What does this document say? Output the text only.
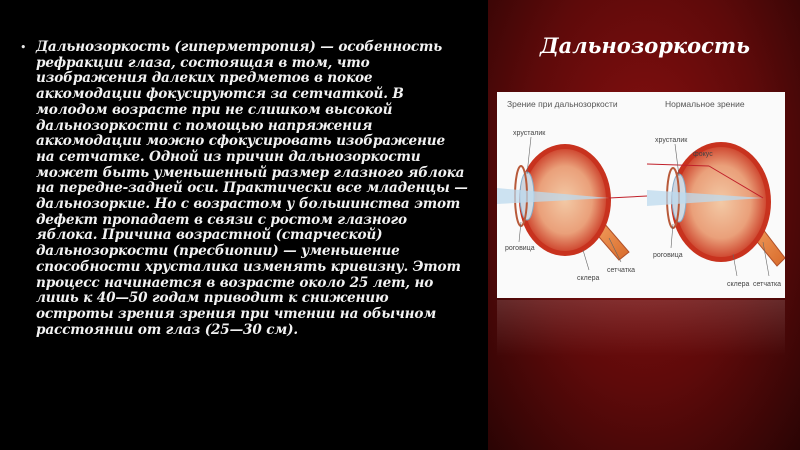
• Дальнозоркость (гиперметропия) — особенность рефракции глаза, состоящая в том, что изображения далеких предметов в покое аккомодации фокусируются за сетчаткой. В молодом возрасте при не слишком высокой дальнозоркости с помощью напряжения аккомодации можно сфокусировать изображение на сетчатке. Одной из причин дальнозоркости может быть уменьшенный размер глазного яблока на передне-задней оси. Практически все младенцы — дальнозоркие. Но с возрастом у большинства этот дефект пропадает в связи с ростом глазного яблока. Причина возрастной (старческой) дальнозоркости (пресбиопии) — уменьшение способности хрусталика изменять кривизну. Этот процесс начинается в возрасте около 25 лет, но лишь к 40—50 годам приводит к снижению остроты зрения зрения при чтении на обычном расстоянии от глаз (25—30 см).

Дальнозоркость
Зрение при дальнозоркости	Нормальное зрение
хрусталик
роговица
склера
сетчатка
хрусталик
фокус
роговица
склера сетчатка
